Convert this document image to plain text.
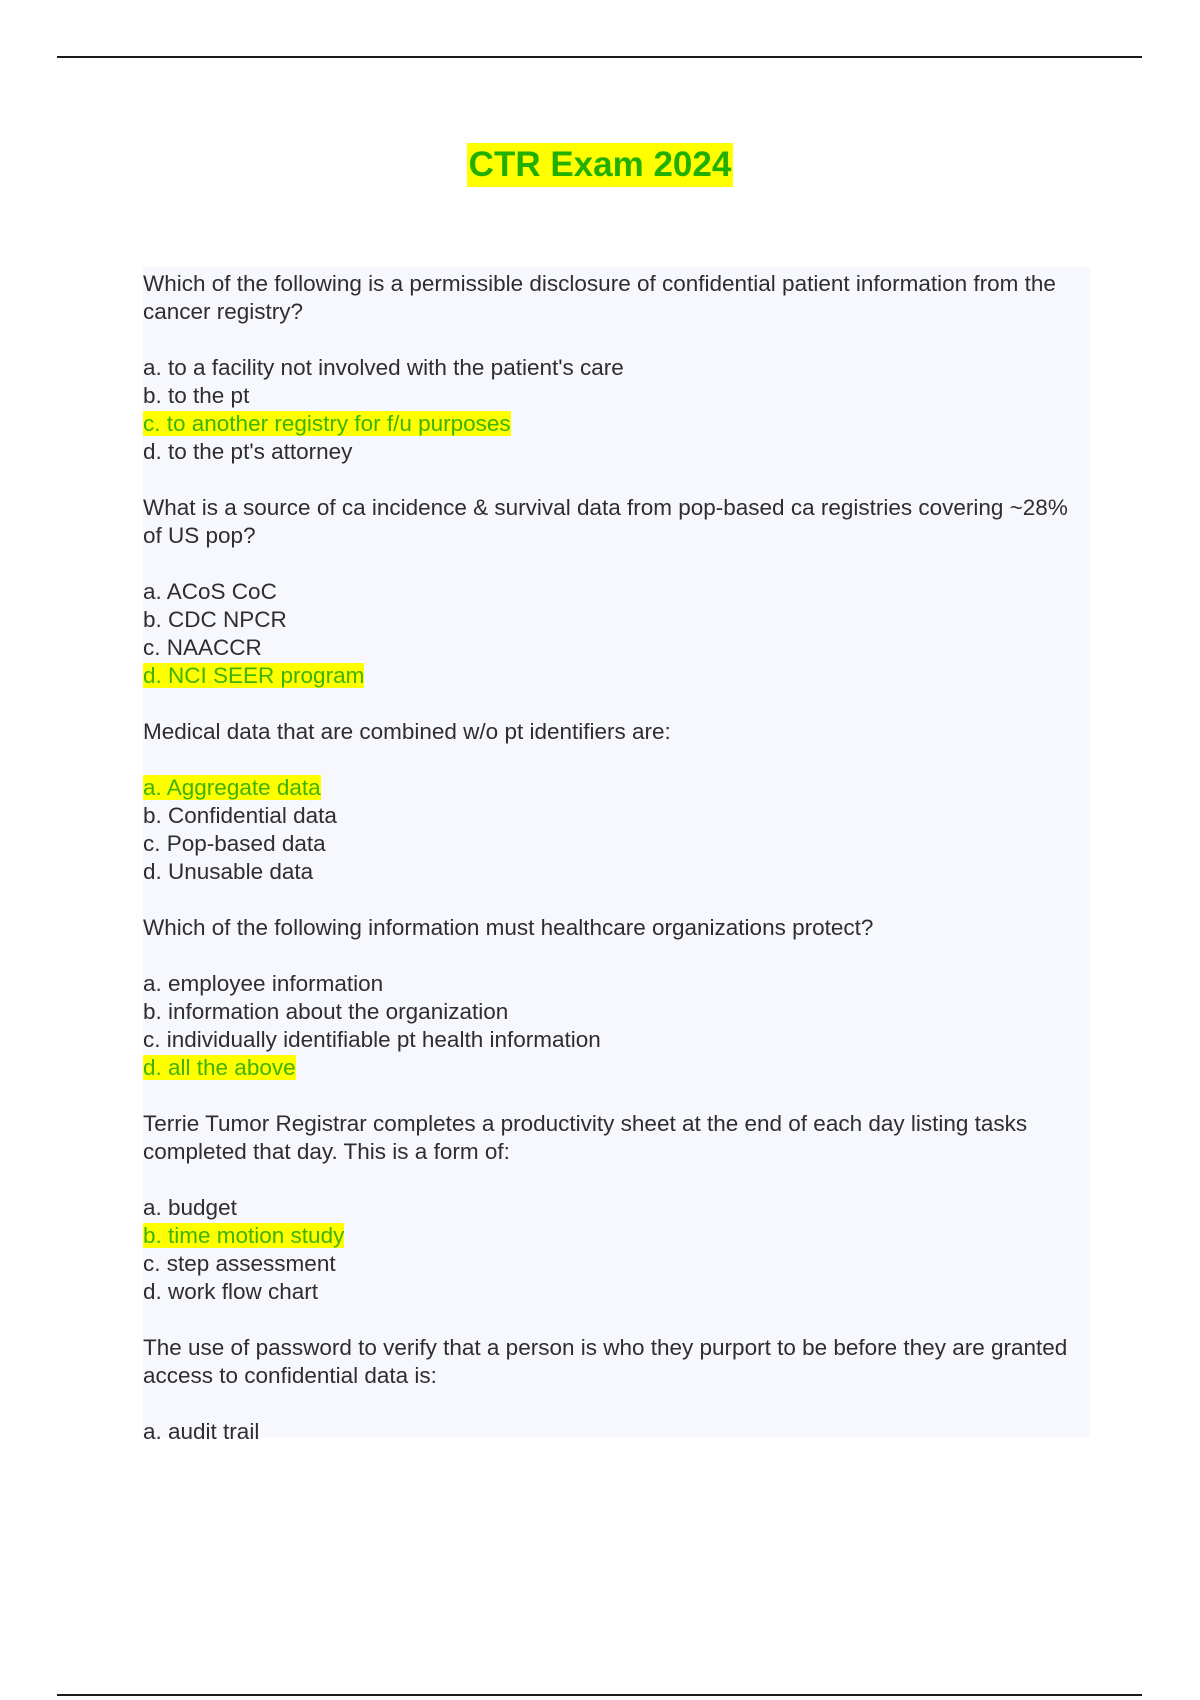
CTR Exam 2024

Which of the following is a permissible disclosure of confidential patient information from the cancer registry?

a. to a facility not involved with the patient's care
b. to the pt
c. to another registry for f/u purposes
d. to the pt's attorney

What is a source of ca incidence & survival data from pop-based ca registries covering ~28% of US pop?

a. ACoS CoC
b. CDC NPCR
c. NAACCR
d. NCI SEER program

Medical data that are combined w/o pt identifiers are:

a. Aggregate data
b. Confidential data
c. Pop-based data
d. Unusable data

Which of the following information must healthcare organizations protect?

a. employee information
b. information about the organization
c. individually identifiable pt health information
d. all the above

Terrie Tumor Registrar completes a productivity sheet at the end of each day listing tasks completed that day. This is a form of:

a. budget
b. time motion study
c. step assessment
d. work flow chart

The use of password to verify that a person is who they purport to be before they are granted access to confidential data is:

a. audit trail
